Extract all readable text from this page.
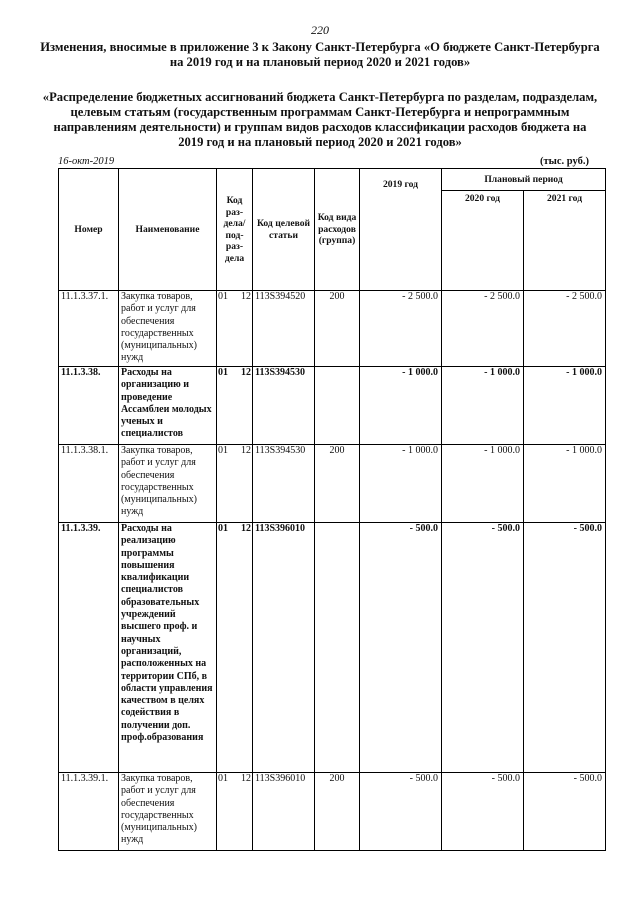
220
Изменения, вносимые в приложение 3 к Закону Санкт-Петербурга «О бюджете Санкт-Петербурга на 2019 год и на плановый период 2020 и 2021 годов»
«Распределение бюджетных ассигнований бюджета Санкт-Петербурга по разделам, подразделам, целевым статьям (государственным программам Санкт-Петербурга и непрограммным направлениям деятельности) и группам видов расходов классификации расходов бюджета на 2019 год и на плановый период 2020 и 2021 годов»
16-окт-2019	(тыс. руб.)
Номер	Наименование	Код раз-дела/ под-раз-дела	Код целевой статьи	Код вида расходов (группа)	2019 год	Плановый период	
						2020 год	2021 год
11.1.3.37.1.	Закупка товаров, работ и услуг для обеспечения государственных (муниципальных) нужд	01 12	113S394520	200	- 2 500.0	- 2 500.0	- 2 500.0
11.1.3.38.	Расходы на организацию и проведение Ассамблеи молодых ученых и специалистов	01 12	113S394530		- 1 000.0	- 1 000.0	- 1 000.0
11.1.3.38.1.	Закупка товаров, работ и услуг для обеспечения государственных (муниципальных) нужд	01 12	113S394530	200	- 1 000.0	- 1 000.0	- 1 000.0
11.1.3.39.	Расходы на реализацию программы повышения квалификации специалистов образовательных учреждений высшего проф. и научных организаций, расположенных на территории СПб, в области управления качеством в целях содействия в получении доп. проф.образования	01 12	113S396010		- 500.0	- 500.0	- 500.0
11.1.3.39.1.	Закупка товаров, работ и услуг для обеспечения государственных (муниципальных) нужд	01 12	113S396010	200	- 500.0	- 500.0	- 500.0
